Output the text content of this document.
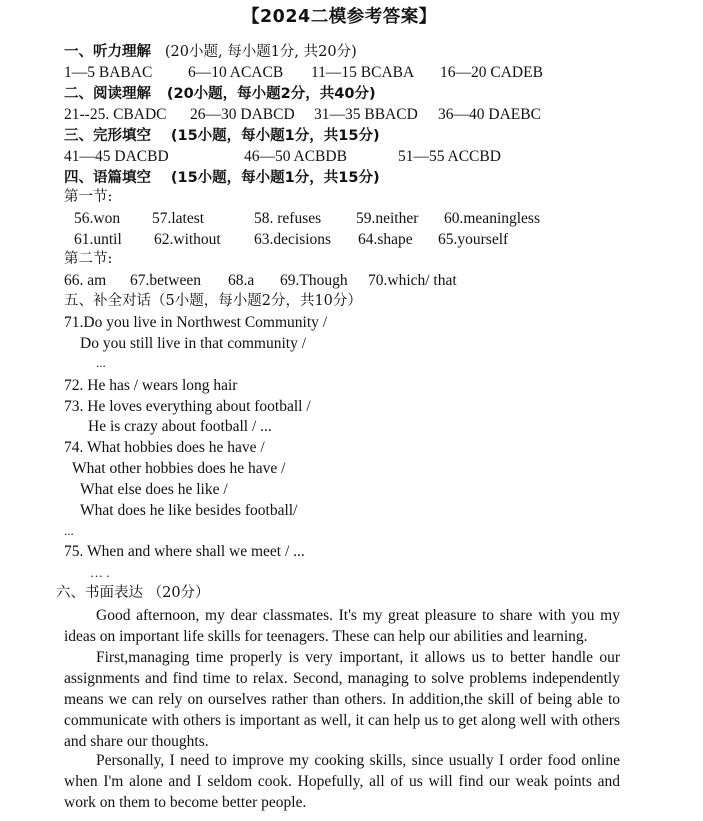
【2024二模参考答案】
一、听力理解 (20小题, 每小题1分, 共20分)
1—5 BABAC 6—10 ACACB 11—15 BCABA 16—20 CADEB
二、阅读理解 (20小题，每小题2分，共40分)
21--25. CBADC 26—30 DABCD 31—35 BBACD 36—40 DAEBC
三、完形填空 (15小题，每小题1分，共15分)
41—45 DACBD	46—50 ACBDB	51—55 ACCBD
四、语篇填空 (15小题，每小题1分，共15分)
第一节:
56.won 57.latest	58. refuses 59.neither 60.meaningless
61.until 62.without 63.decisions 64.shape 65.yourself
第二节:
66. am 67.between 68.a 69.Though 70.which/ that
五、补全对话（5小题，每小题2分，共10分）
71.Do you live in Northwest Community /
Do you still live in that community /
...
72. He has / wears long hair
73. He loves everything about football /
He is crazy about football / ...
74. What hobbies does he have /
What other hobbies does he have /
What else does he like /
What does he like besides football/
...
75. When and where shall we meet / ...
… .
六、书面表达 （20分）

Good afternoon, my dear classmates. It's my great pleasure to share with you my ideas on important life skills for teenagers. These can help our abilities and learning.

First,managing time properly is very important, it allows us to better handle our assignments and find time to relax. Second, managing to solve problems independently means we can rely on ourselves rather than others. In addition,the skill of being able to communicate with others is important as well, it can help us to get along well with others and share our thoughts.

Personally, I need to improve my cooking skills, since usually I order food online when I'm alone and I seldom cook. Hopefully, all of us will find our weak points and work on them to become better people.
